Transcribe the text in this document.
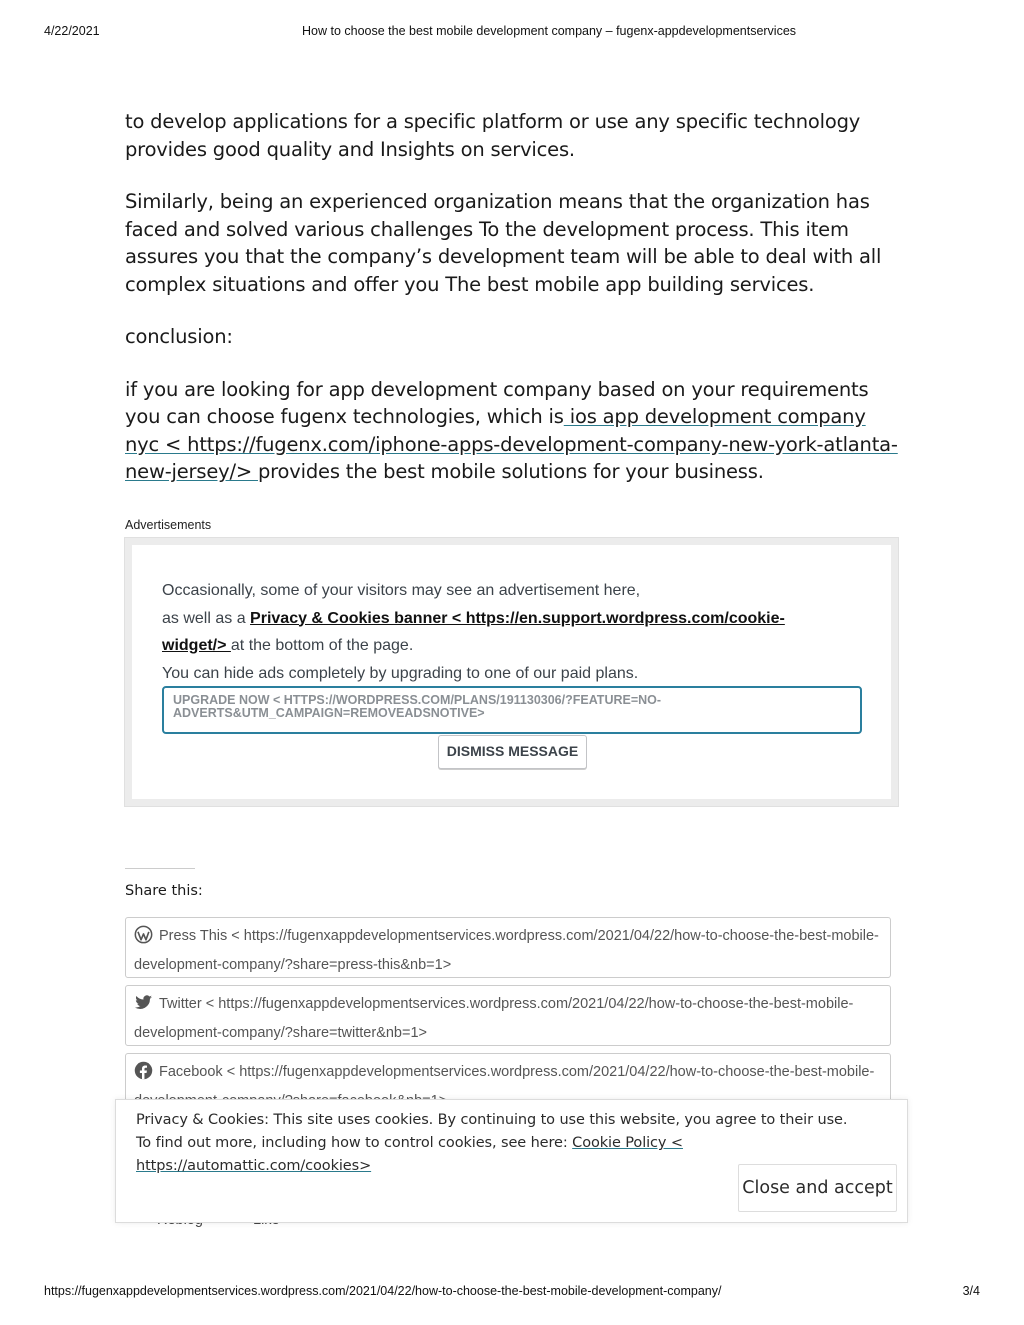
4/22/2021	How to choose the best mobile development company – fugenx-appdevelopmentservices

to develop applications for a specific platform or use any specific technology provides good quality and Insights on services.

Similarly, being an experienced organization means that the organization has faced and solved various challenges To the development process. This item assures you that the company’s development team will be able to deal with all complex situations and offer you The best mobile app building services.

conclusion:

if you are looking for app development company based on your requirements you can choose fugenx technologies, which is ios app development company nyc < https://fugenx.com/iphone-apps-development-company-new-york-atlanta-new-jersey/> provides the best mobile solutions for your business.

Advertisements
Occasionally, some of your visitors may see an advertisement here,
as well as a Privacy & Cookies banner < https://en.support.wordpress.com/cookie-widget/> at the bottom of the page.
You can hide ads completely by upgrading to one of our paid plans.
UPGRADE NOW < HTTPS://WORDPRESS.COM/PLANS/191130306/?FEATURE=NO-ADVERTS&UTM_CAMPAIGN=REMOVEADSNOTIVE>
DISMISS MESSAGE
Share this:
Press This < https://fugenxappdevelopmentservices.wordpress.com/2021/04/22/how-to-choose-the-best-mobile-development-company/?share=press-this&nb=1>
Twitter < https://fugenxappdevelopmentservices.wordpress.com/2021/04/22/how-to-choose-the-best-mobile-development-company/?share=twitter&nb=1>
Facebook < https://fugenxappdevelopmentservices.wordpress.com/2021/04/22/how-to-choose-the-best-mobile-
Privacy & Cookies: This site uses cookies. By continuing to use this website, you agree to their use.
To find out more, including how to control cookies, see here: Cookie Policy < https://automattic.com/cookies>
Close and accept
https://fugenxappdevelopmentservices.wordpress.com/2021/04/22/how-to-choose-the-best-mobile-development-company/	3/4
